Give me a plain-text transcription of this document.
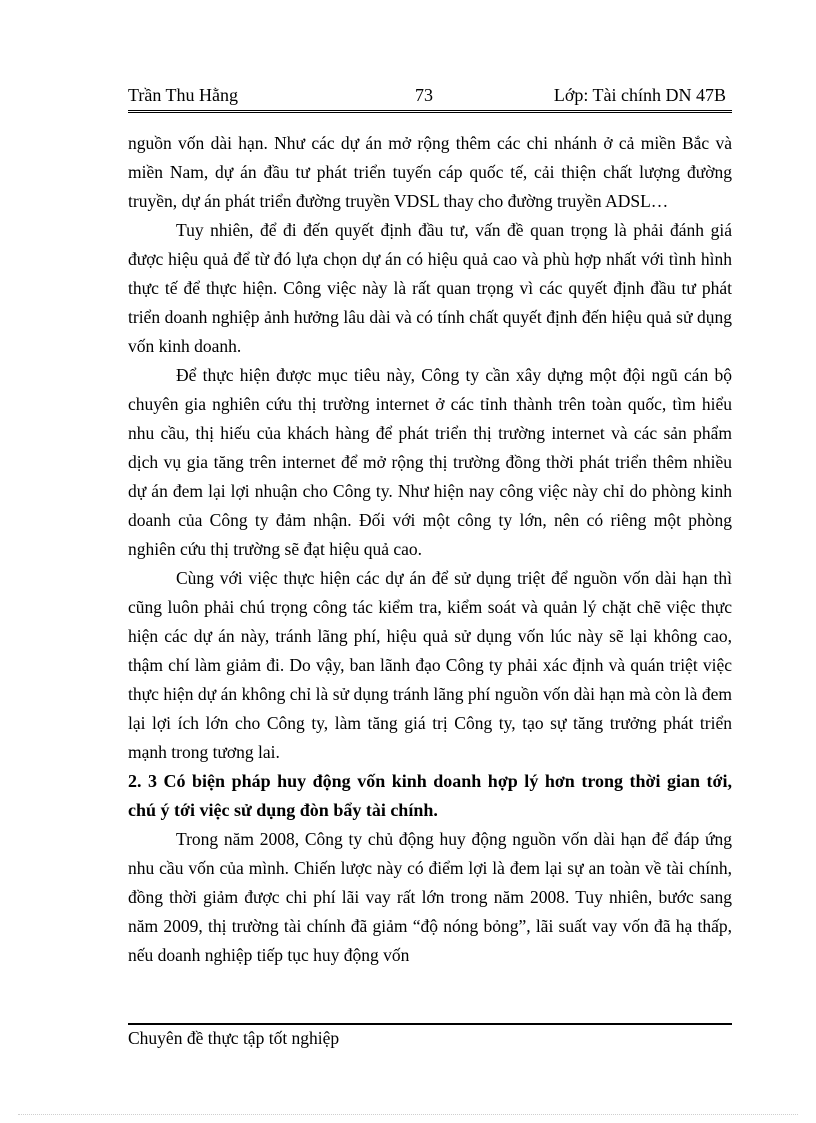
Trần Thu Hằng	73	Lớp: Tài chính DN 47B

nguồn vốn dài hạn. Như các dự án mở rộng thêm các chi nhánh ở cả miền Bắc và miền Nam, dự án đầu tư phát triển tuyến cáp quốc tế, cải thiện chất lượng đường truyền, dự án phát triển đường truyền VDSL thay cho đường truyền ADSL…

Tuy nhiên, để đi đến quyết định đầu tư, vấn đề quan trọng là phải đánh giá được hiệu quả để từ đó lựa chọn dự án có hiệu quả cao và phù hợp nhất với tình hình thực tế để thực hiện. Công việc này là rất quan trọng vì các quyết định đầu tư phát triển doanh nghiệp ảnh hưởng lâu dài và có tính chất quyết định đến hiệu quả sử dụng vốn kinh doanh.

Để thực hiện được mục tiêu này, Công ty cần xây dựng một đội ngũ cán bộ chuyên gia nghiên cứu thị trường internet ở các tỉnh thành trên toàn quốc, tìm hiểu nhu cầu, thị hiếu của khách hàng để phát triển thị trường internet và các sản phẩm dịch vụ gia tăng trên internet để mở rộng thị trường đồng thời phát triển thêm nhiều dự án đem lại lợi nhuận cho Công ty. Như hiện nay công việc này chỉ do phòng kinh doanh của Công ty đảm nhận. Đối với một công ty lớn, nên có riêng một phòng nghiên cứu thị trường sẽ đạt hiệu quả cao.

Cùng với việc thực hiện các dự án để sử dụng triệt để nguồn vốn dài hạn thì cũng luôn phải chú trọng công tác kiểm tra, kiểm soát và quản lý chặt chẽ việc thực hiện các dự án này, tránh lãng phí, hiệu quả sử dụng vốn lúc này sẽ lại không cao, thậm chí làm giảm đi. Do vậy, ban lãnh đạo Công ty phải xác định và quán triệt việc thực hiện dự án không chỉ là sử dụng tránh lãng phí nguồn vốn dài hạn mà còn là đem lại lợi ích lớn cho Công ty, làm tăng giá trị Công ty, tạo sự tăng trưởng phát triển mạnh trong tương lai.

2. 3 Có biện pháp huy động vốn kinh doanh hợp lý hơn trong thời gian tới, chú ý tới việc sử dụng đòn bẩy tài chính.

Trong năm 2008, Công ty chủ động huy động nguồn vốn dài hạn để đáp ứng nhu cầu vốn của mình. Chiến lược này có điểm lợi là đem lại sự an toàn về tài chính, đồng thời giảm được chi phí lãi vay rất lớn trong năm 2008. Tuy nhiên, bước sang năm 2009, thị trường tài chính đã giảm “độ nóng bỏng”, lãi suất vay vốn đã hạ thấp, nếu doanh nghiệp tiếp tục huy động vốn

Chuyên đề thực tập tốt nghiệp
